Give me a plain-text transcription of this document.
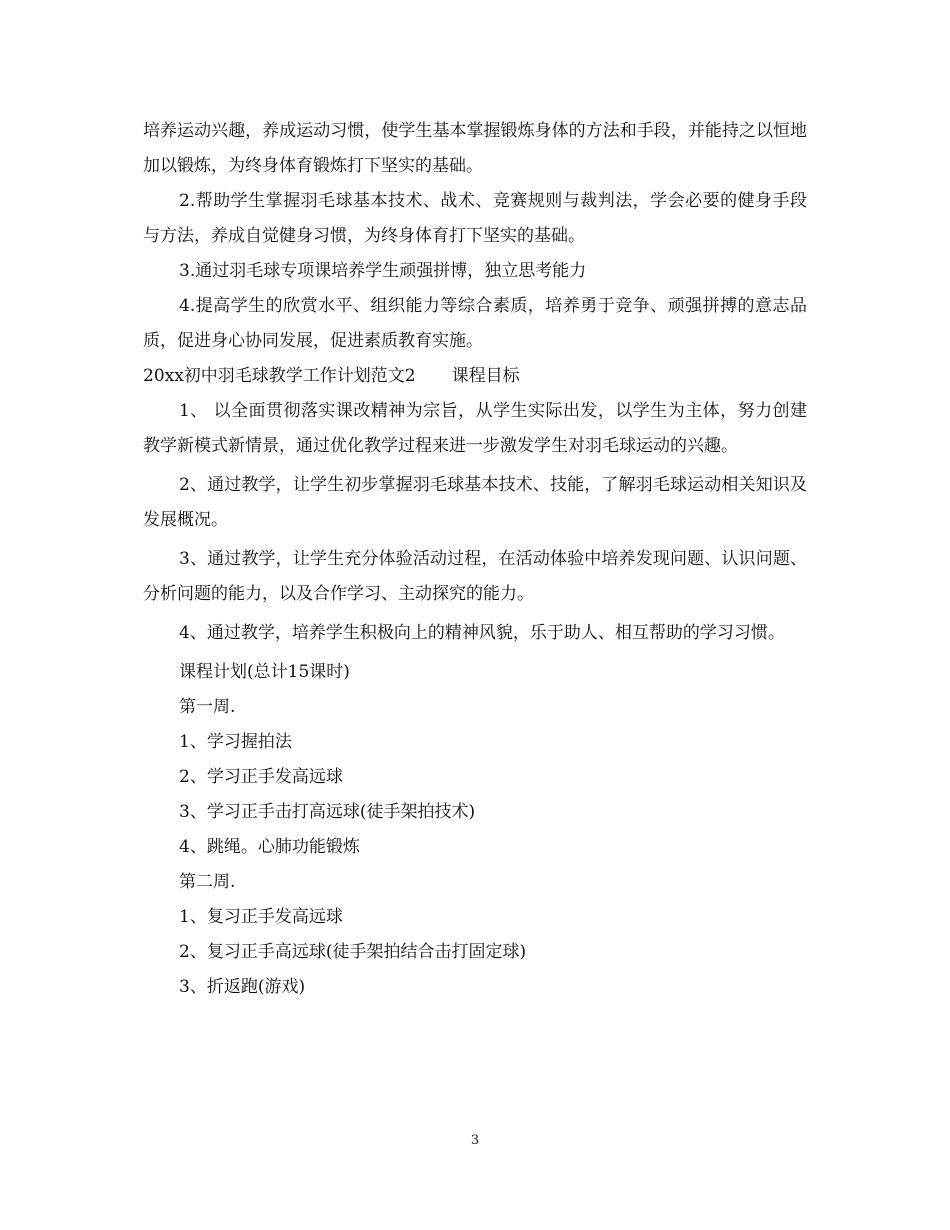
培养运动兴趣，养成运动习惯，使学生基本掌握锻炼身体的方法和手段，并能持之以恒地加以锻炼，为终身体育锻炼打下坚实的基础。

2.帮助学生掌握羽毛球基本技术、战术、竞赛规则与裁判法，学会必要的健身手段与方法，养成自觉健身习惯，为终身体育打下坚实的基础。

3.通过羽毛球专项课培养学生顽强拼博，独立思考能力

4.提高学生的欣赏水平、组织能力等综合素质，培养勇于竞争、顽强拼搏的意志品质，促进身心协同发展，促进素质教育实施。

20xx初中羽毛球教学工作计划范文2 课程目标

1、 以全面贯彻落实课改精神为宗旨，从学生实际出发，以学生为主体，努力创建教学新模式新情景，通过优化教学过程来进一步激发学生对羽毛球运动的兴趣。

2、通过教学，让学生初步掌握羽毛球基本技术、技能，了解羽毛球运动相关知识及发展概况。

3、通过教学，让学生充分体验活动过程，在活动体验中培养发现问题、认识问题、分析问题的能力，以及合作学习、主动探究的能力。

4、通过教学，培养学生积极向上的精神风貌，乐于助人、相互帮助的学习习惯。

课程计划(总计15课时)

第一周.

1、学习握拍法

2、学习正手发高远球

3、学习正手击打高远球(徒手架拍技术)

4、跳绳。心肺功能锻炼

第二周.

1、复习正手发高远球

2、复习正手高远球(徒手架拍结合击打固定球)

3、折返跑(游戏)

3
